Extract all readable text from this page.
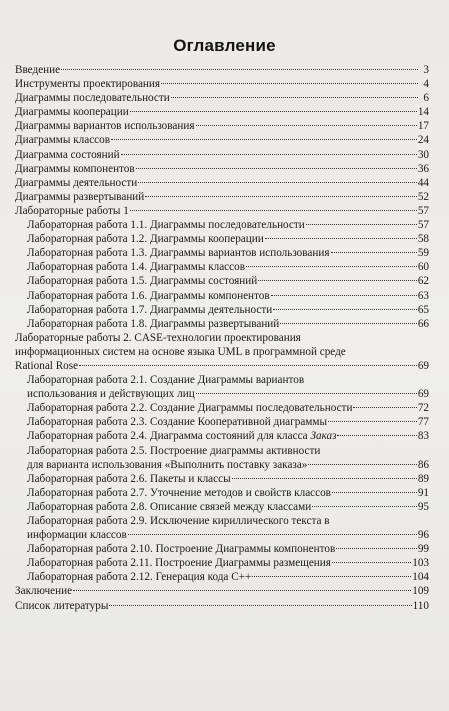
Оглавление
Введение	3
Инструменты проектирования	4
Диаграммы последовательности	6
Диаграммы кооперации	14
Диаграммы вариантов использования	17
Диаграммы классов	24
Диаграмма состояний	30
Диаграммы компонентов	36
Диаграммы деятельности	44
Диаграммы развертываний	52
Лабораторные работы 1	57
Лабораторная работа 1.1. Диаграммы последовательности	57
Лабораторная работа 1.2. Диаграммы кооперации	58
Лабораторная работа 1.3. Диаграммы вариантов использования	59
Лабораторная работа 1.4. Диаграммы классов	60
Лабораторная работа 1.5. Диаграммы состояний	62
Лабораторная работа 1.6. Диаграммы компонентов	63
Лабораторная работа 1.7. Диаграммы деятельности	65
Лабораторная работа 1.8. Диаграммы развертываний	66
Лабораторные работы 2. CASE-технологии проектирования
информационных систем на основе языка UML в программной среде
Rational Rose	69
Лабораторная работа 2.1. Создание Диаграммы вариантов
использования и действующих лиц	69
Лабораторная работа 2.2. Создание Диаграммы последовательности	72
Лабораторная работа 2.3. Создание Кооперативной диаграммы	77
Лабораторная работа 2.4. Диаграмма состояний для класса Заказ	83
Лабораторная работа 2.5. Построение диаграммы активности
для варианта использования «Выполнить поставку заказа»	86
Лабораторная работа 2.6. Пакеты и классы	89
Лабораторная работа 2.7. Уточнение методов и свойств классов	91
Лабораторная работа 2.8. Описание связей между классами	95
Лабораторная работа 2.9. Исключение кириллического текста в
информации классов	96
Лабораторная работа 2.10. Построение Диаграммы компонентов	99
Лабораторная работа 2.11. Построение Диаграммы размещения	103
Лабораторная работа 2.12. Генерация кода С++	104
Заключение	109
Список литературы	110
